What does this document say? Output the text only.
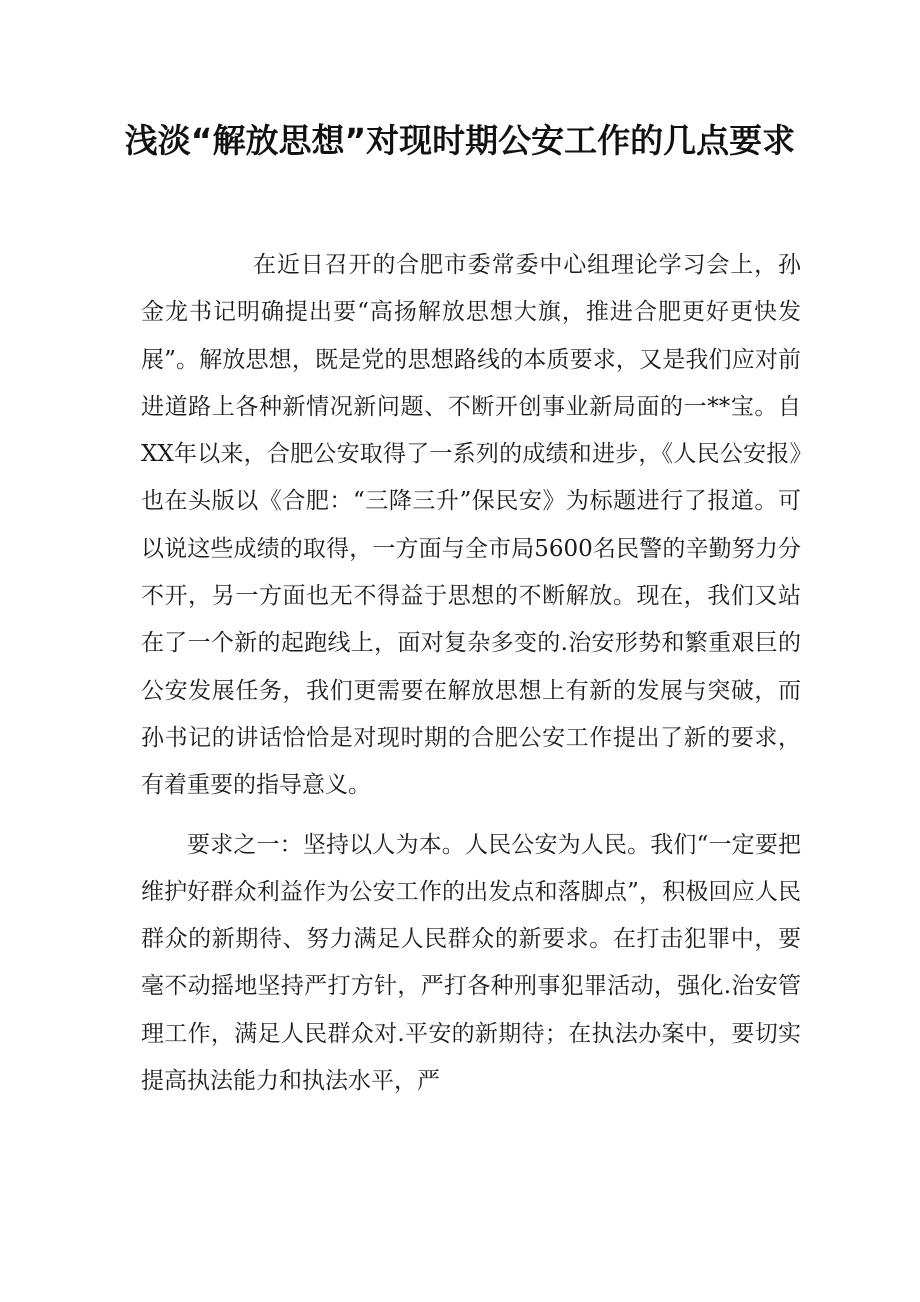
浅淡“解放思想”对现时期公安工作的几点要求

在近日召开的合肥市委常委中心组理论学习会上，孙金龙书记明确提出要“高扬解放思想大旗，推进合肥更好更快发展”。解放思想，既是党的思想路线的本质要求，又是我们应对前进道路上各种新情况新问题、不断开创事业新局面的一**宝。自XX年以来，合肥公安取得了一系列的成绩和进步，《人民公安报》也在头版以《合肥：“三降三升”保民安》为标题进行了报道。可以说这些成绩的取得，一方面与全市局5600名民警的辛勤努力分不开，另一方面也无不得益于思想的不断解放。现在，我们又站在了一个新的起跑线上，面对复杂多变的.治安形势和繁重艰巨的公安发展任务，我们更需要在解放思想上有新的发展与突破，而孙书记的讲话恰恰是对现时期的合肥公安工作提出了新的要求，有着重要的指导意义。

要求之一：坚持以人为本。人民公安为人民。我们“一定要把维护好群众利益作为公安工作的出发点和落脚点”，积极回应人民群众的新期待、努力满足人民群众的新要求。在打击犯罪中，要毫不动摇地坚持严打方针，严打各种刑事犯罪活动，强化.治安管理工作，满足人民群众对.平安的新期待；在执法办案中，要切实提高执法能力和执法水平，严
